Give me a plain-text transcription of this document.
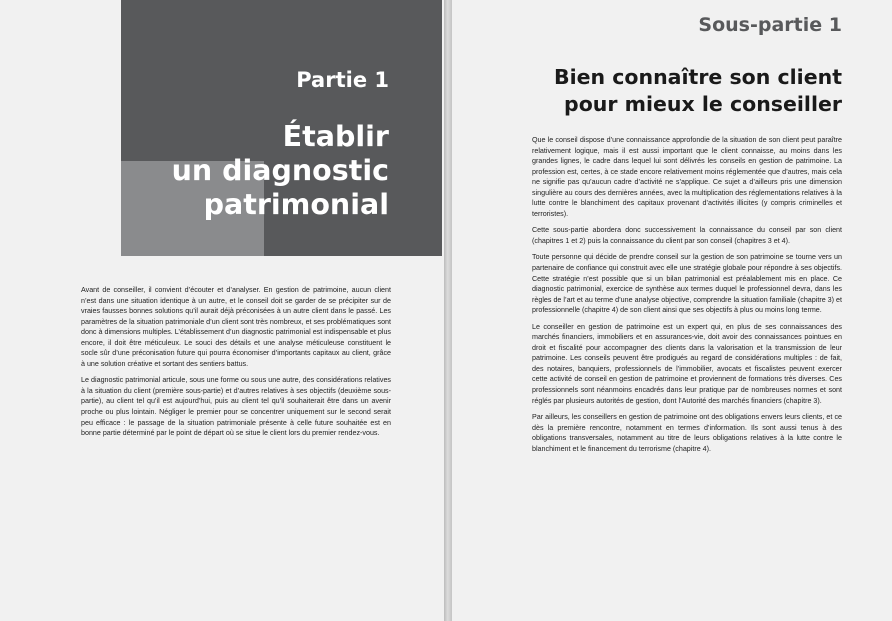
Partie 1
Établir
un diagnostic
patrimonial

Avant de conseiller, il convient d’écouter et d’analyser. En gestion de patrimoine, aucun client n’est dans une situation identique à un autre, et le conseil doit se garder de se précipiter sur de vraies fausses bonnes solutions qu’il aurait déjà préconisées à un autre client dans le passé. Les paramètres de la situation patrimoniale d’un client sont très nombreux, et ses problématiques sont donc à dimensions multiples. L’établissement d’un diagnostic patrimonial est indispensable et plus encore, il doit être méticuleux. Le souci des détails et une analyse méticuleuse constituent le socle sûr d’une préconisation future qui pourra économiser d’importants capitaux au client, grâce à une solution créative et sortant des sentiers battus.

Le diagnostic patrimonial articule, sous une forme ou sous une autre, des considérations relatives à la situation du client (première sous-partie) et d’autres relatives à ses objectifs (deuxième sous-partie), au client tel qu’il est aujourd’hui, puis au client tel qu’il souhaiterait être dans un avenir proche ou plus lointain. Négliger le premier pour se concentrer uniquement sur le second serait peu efficace : le passage de la situation patrimoniale présente à celle future souhaitée est en bonne partie déterminé par le point de départ où se situe le client lors du premier rendez-vous.

Sous-partie 1
Bien connaître son client
pour mieux le conseiller

Que le conseil dispose d’une connaissance approfondie de la situation de son client peut paraître relativement logique, mais il est aussi important que le client connaisse, au moins dans les grandes lignes, le cadre dans lequel lui sont délivrés les conseils en gestion de patrimoine. La profession est, certes, à ce stade encore relativement moins réglementée que d’autres, mais cela ne signifie pas qu’aucun cadre d’activité ne s’applique. Ce sujet a d’ailleurs pris une dimension singulière au cours des dernières années, avec la multiplication des réglementations relatives à la lutte contre le blanchiment des capitaux provenant d’activités illicites (y compris criminelles et terroristes).

Cette sous-partie abordera donc successivement la connaissance du conseil par son client (chapitres 1 et 2) puis la connaissance du client par son conseil (chapitres 3 et 4).

Toute personne qui décide de prendre conseil sur la gestion de son patrimoine se tourne vers un partenaire de confiance qui construit avec elle une stratégie globale pour répondre à ses objectifs. Cette stratégie n’est possible que si un bilan patrimonial est préalablement mis en place. Ce diagnostic patrimonial, exercice de synthèse aux termes duquel le professionnel devra, dans les règles de l’art et au terme d’une analyse objective, comprendre la situation familiale (chapitre 3) et professionnelle (chapitre 4) de son client ainsi que ses objectifs à plus ou moins long terme.

Le conseiller en gestion de patrimoine est un expert qui, en plus de ses connaissances des marchés financiers, immobiliers et en assurances-vie, doit avoir des connaissances pointues en droit et fiscalité pour accompagner des clients dans la valorisation et la transmission de leur patrimoine. Les conseils peuvent être prodigués au regard de considérations multiples : de fait, des notaires, banquiers, professionnels de l’immobilier, avocats et fiscalistes peuvent exercer cette activité de conseil en gestion de patrimoine et proviennent de formations très diverses. Ces professionnels sont néanmoins encadrés dans leur pratique par de nombreuses normes et sont réglés par plusieurs autorités de gestion, dont l’Autorité des marchés financiers (chapitre 3).

Par ailleurs, les conseillers en gestion de patrimoine ont des obligations envers leurs clients, et ce dès la première rencontre, notamment en termes d’information. Ils sont aussi tenus à des obligations transversales, notamment au titre de leurs obligations relatives à la lutte contre le blanchiment et le financement du terrorisme (chapitre 4).
